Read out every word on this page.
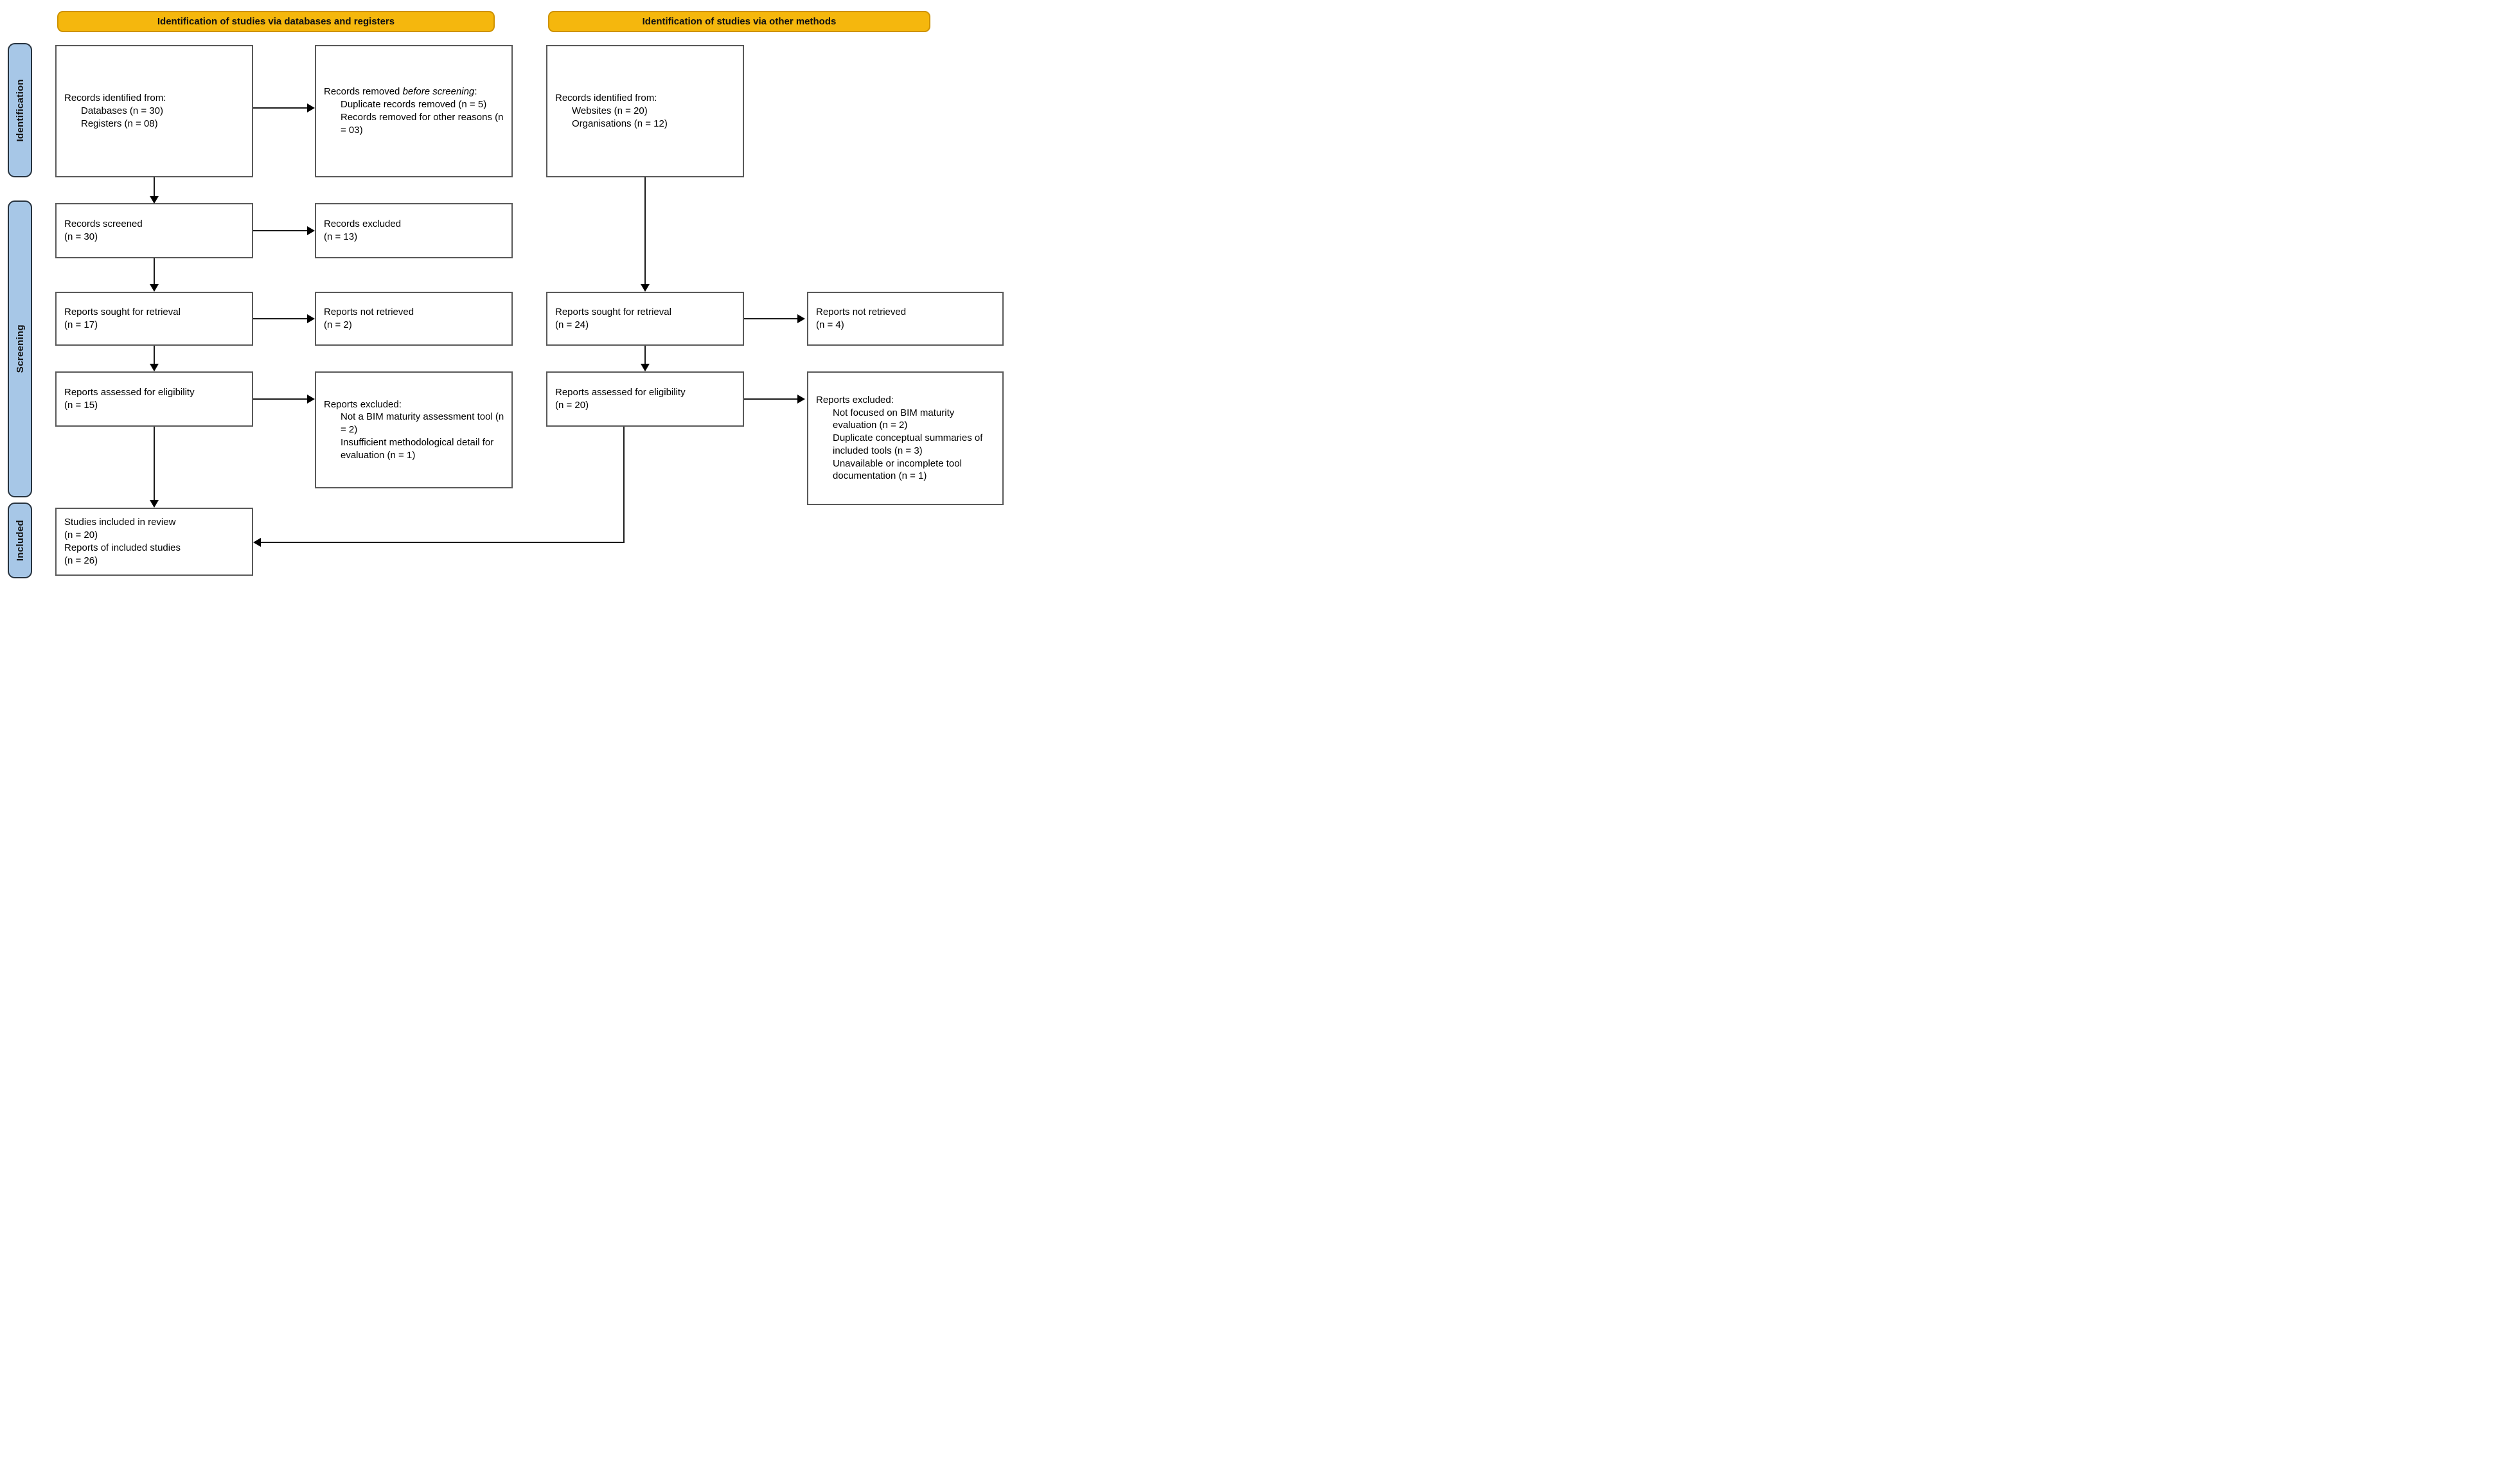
Identification of studies via databases and registers	Identification of studies via other methods
Identification
Screening
Included
Records identified from:
Databases (n = 30)
Registers (n = 08)
Records removed before screening:
Duplicate records removed (n = 5)
Records removed for other reasons (n = 03)
Records identified from:
Websites (n = 20)
Organisations (n = 12)
Records screened
(n = 30)
Records excluded
(n = 13)
Reports sought for retrieval
(n = 17)
Reports not retrieved
(n = 2)
Reports sought for retrieval
(n = 24)
Reports not retrieved
(n = 4)
Reports assessed for eligibility
(n = 15)	Reports excluded:
Not a BIM maturity assessment tool (n = 2)
Insufficient methodological detail for evaluation (n = 1)
Reports assessed for eligibility
(n = 20)	Reports excluded:
Not focused on BIM maturity evaluation (n = 2)
Duplicate conceptual summaries of included tools (n = 3)
Unavailable or incomplete tool documentation (n = 1)
Studies included in review
(n = 20)
Reports of included studies
(n = 26)
